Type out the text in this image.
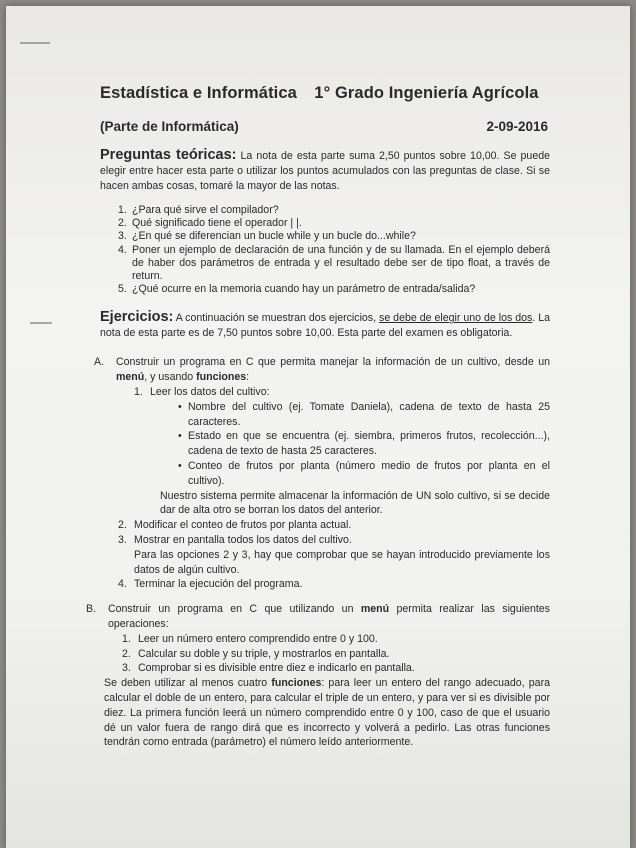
Estadística e Informática 1° Grado Ingeniería Agrícola
(Parte de Informática)	2-09-2016
Preguntas teóricas: La nota de esta parte suma 2,50 puntos sobre 10,00. Se puede elegir entre hacer esta parte o utilizar los puntos acumulados con las preguntas de clase. Si se hacen ambas cosas, tomaré la mayor de las notas.
1. ¿Para qué sirve el compilador?
2. Qué significado tiene el operador | |.
3. ¿En qué se diferencian un bucle while y un bucle do...while?
4. Poner un ejemplo de declaración de una función y de su llamada. En el ejemplo deberá de haber dos parámetros de entrada y el resultado debe ser de tipo float, a través de return.
5. ¿Qué ocurre en la memoria cuando hay un parámetro de entrada/salida?
Ejercicios: A continuación se muestran dos ejercicios, se debe de elegir uno de los dos. La nota de esta parte es de 7,50 puntos sobre 10,00. Esta parte del examen es obligatoria.
A.	Construir un programa en C que permita manejar la información de un cultivo, desde un menú, y usando funciones:
1. Leer los datos del cultivo:
• Nombre del cultivo (ej. Tomate Daniela), cadena de texto de hasta 25 caracteres.
• Estado en que se encuentra (ej. siembra, primeros frutos, recolección...), cadena de texto de hasta 25 caracteres.
• Conteo de frutos por planta (número medio de frutos por planta en el cultivo).
Nuestro sistema permite almacenar la información de UN solo cultivo, si se decide dar de alta otro se borran los datos del anterior.
2. Modificar el conteo de frutos por planta actual.
3. Mostrar en pantalla todos los datos del cultivo.
Para las opciones 2 y 3, hay que comprobar que se hayan introducido previamente los datos de algún cultivo.
4. Terminar la ejecución del programa.
B.	Construir un programa en C que utilizando un menú permita realizar las siguientes operaciones:
1. Leer un número entero comprendido entre 0 y 100.
2. Calcular su doble y su triple, y mostrarlos en pantalla.
3. Comprobar si es divisible entre diez e indicarlo en pantalla.
Se deben utilizar al menos cuatro funciones: para leer un entero del rango adecuado, para calcular el doble de un entero, para calcular el triple de un entero, y para ver si es divisible por diez. La primera función leerá un número comprendido entre 0 y 100, caso de que el usuario dé un valor fuera de rango dirá que es incorrecto y volverá a pedirlo. Las otras funciones tendrán como entrada (parámetro) el número leído anteriormente.
